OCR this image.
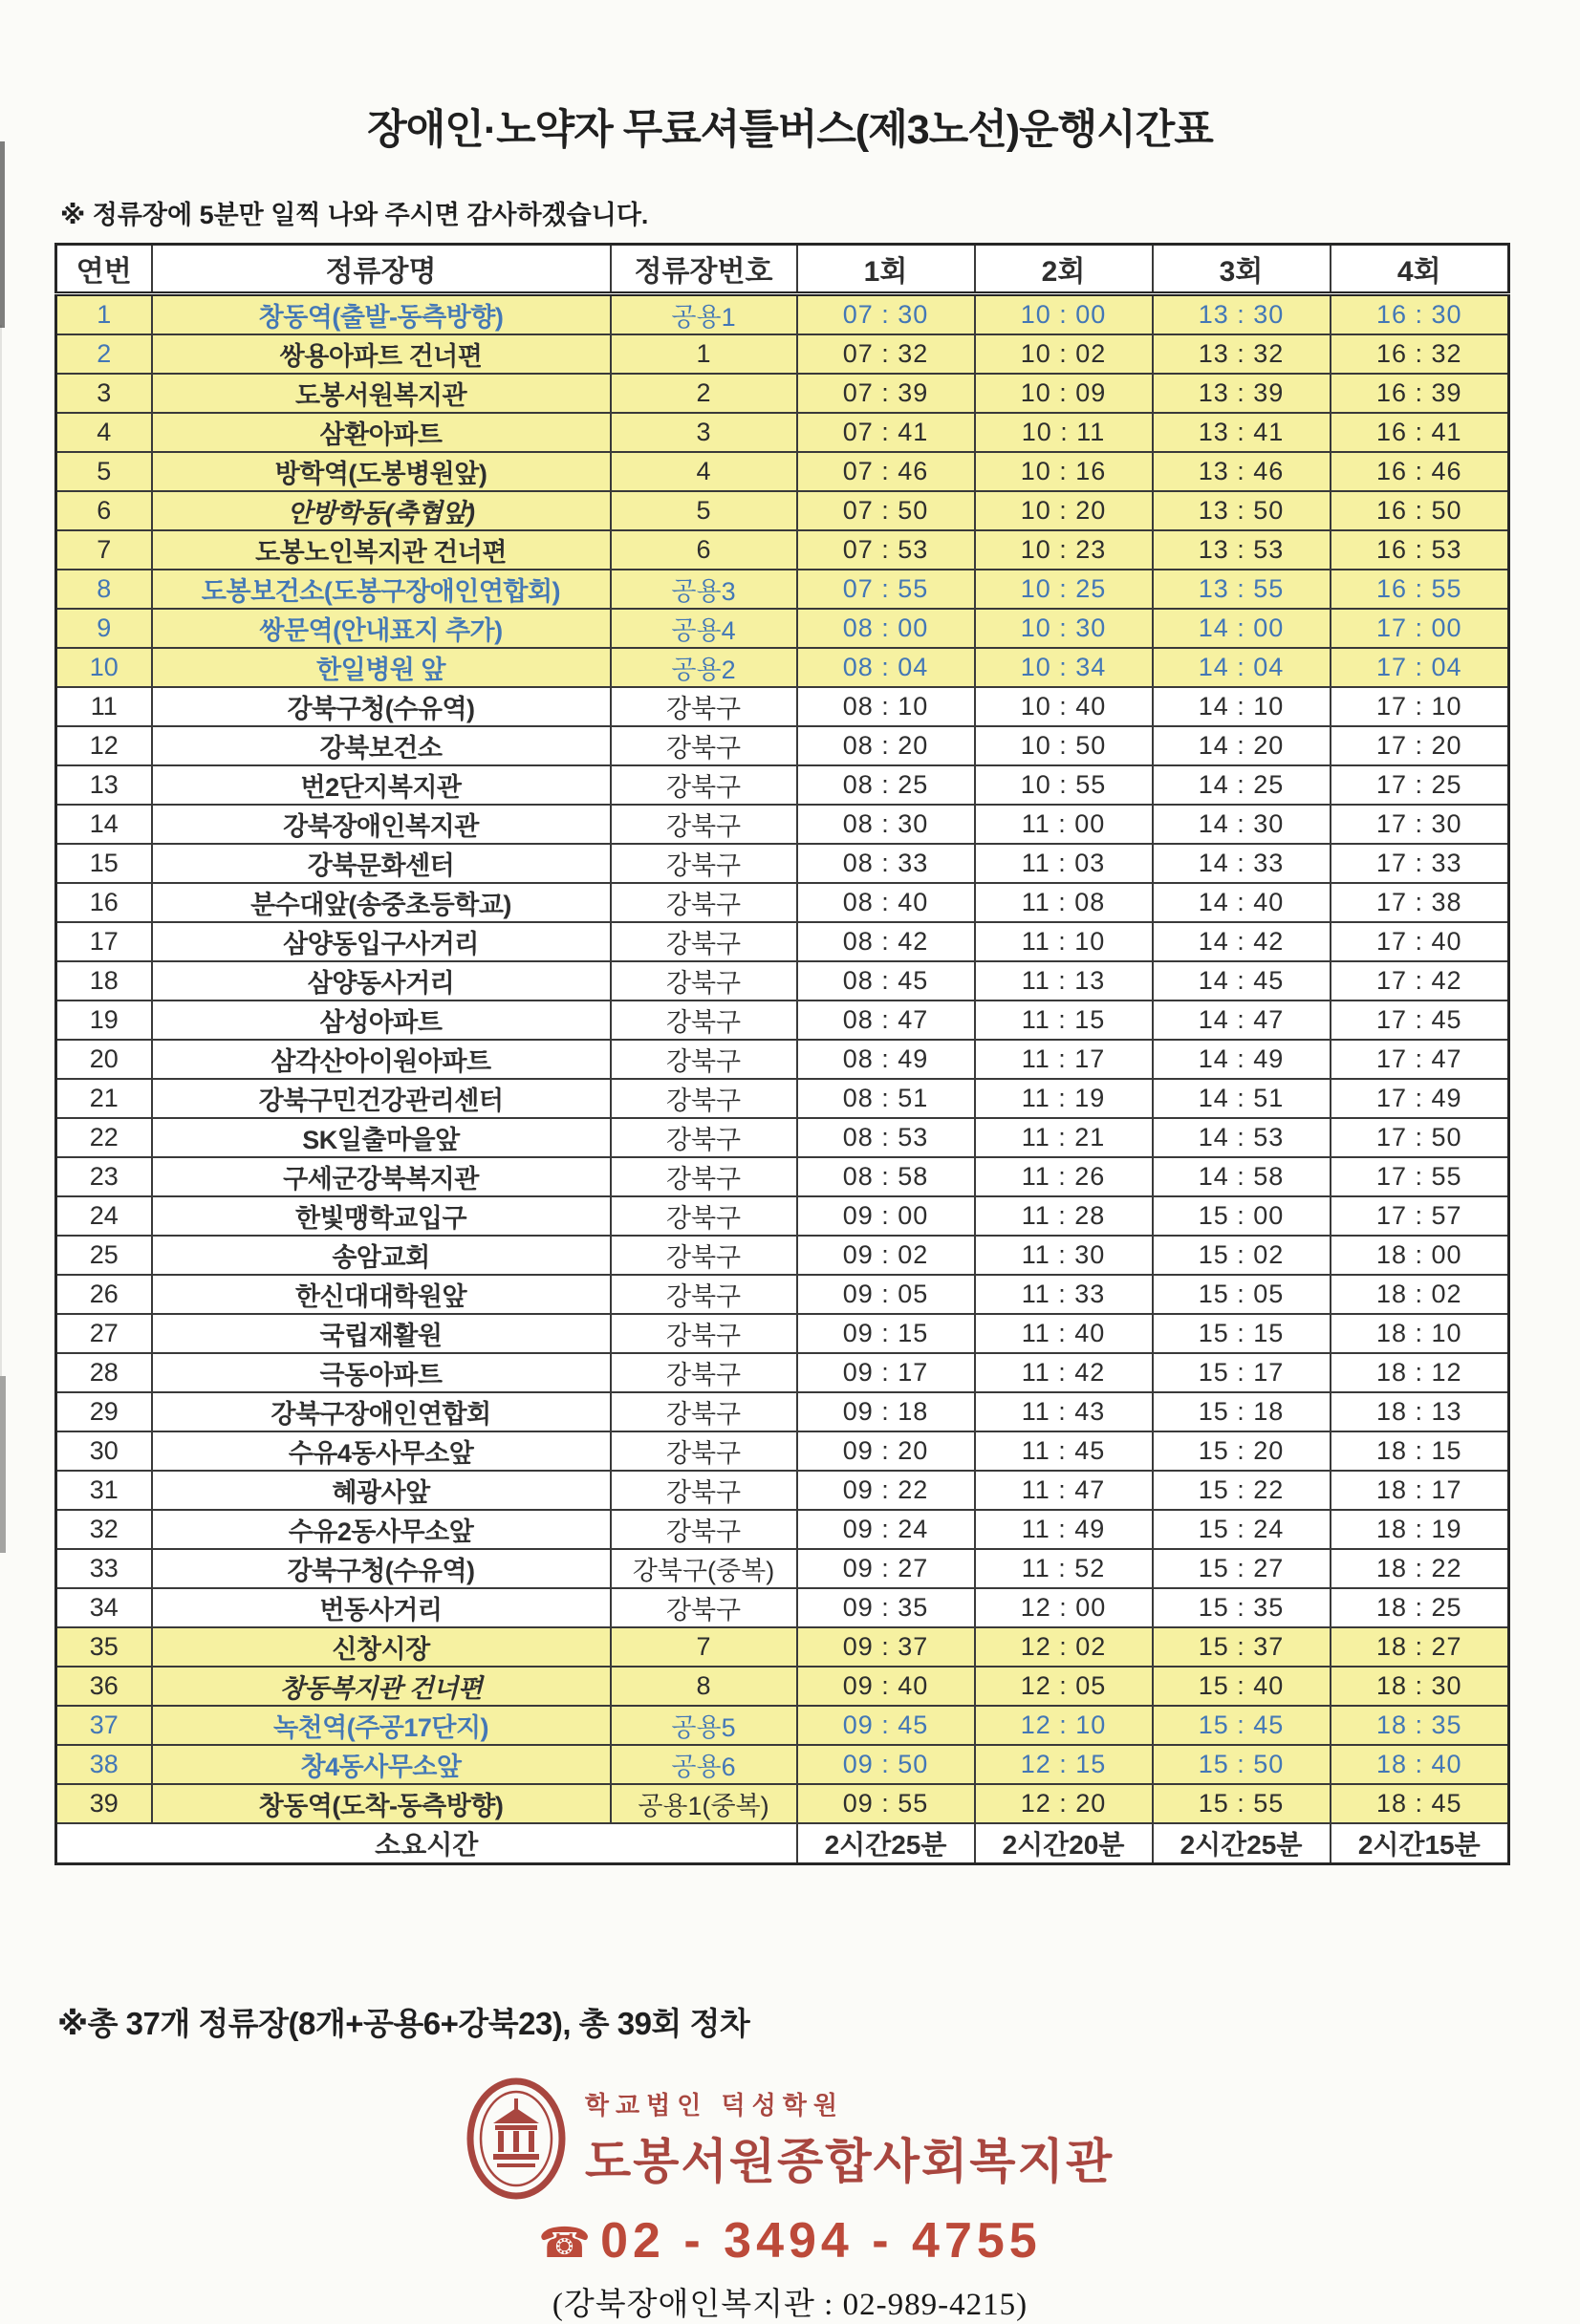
장애인·노약자 무료셔틀버스(제3노선)운행시간표

※ 정류장에 5분만 일찍 나와 주시면 감사하겠습니다.

연번	정류장명	정류장번호	1회	2회	3회	4회
1	창동역(출발-동측방향)	공용1	07 : 30	10 : 00	13 : 30	16 : 30
2	쌍용아파트 건너편	1	07 : 32	10 : 02	13 : 32	16 : 32
3	도봉서원복지관	2	07 : 39	10 : 09	13 : 39	16 : 39
4	삼환아파트	3	07 : 41	10 : 11	13 : 41	16 : 41
5	방학역(도봉병원앞)	4	07 : 46	10 : 16	13 : 46	16 : 46
6	안방학동(축협앞)	5	07 : 50	10 : 20	13 : 50	16 : 50
7	도봉노인복지관 건너편	6	07 : 53	10 : 23	13 : 53	16 : 53
8	도봉보건소(도봉구장애인연합회)	공용3	07 : 55	10 : 25	13 : 55	16 : 55
9	쌍문역(안내표지 추가)	공용4	08 : 00	10 : 30	14 : 00	17 : 00
10	한일병원 앞	공용2	08 : 04	10 : 34	14 : 04	17 : 04
11	강북구청(수유역)	강북구	08 : 10	10 : 40	14 : 10	17 : 10
12	강북보건소	강북구	08 : 20	10 : 50	14 : 20	17 : 20
13	번2단지복지관	강북구	08 : 25	10 : 55	14 : 25	17 : 25
14	강북장애인복지관	강북구	08 : 30	11 : 00	14 : 30	17 : 30
15	강북문화센터	강북구	08 : 33	11 : 03	14 : 33	17 : 33
16	분수대앞(송중초등학교)	강북구	08 : 40	11 : 08	14 : 40	17 : 38
17	삼양동입구사거리	강북구	08 : 42	11 : 10	14 : 42	17 : 40
18	삼양동사거리	강북구	08 : 45	11 : 13	14 : 45	17 : 42
19	삼성아파트	강북구	08 : 47	11 : 15	14 : 47	17 : 45
20	삼각산아이원아파트	강북구	08 : 49	11 : 17	14 : 49	17 : 47
21	강북구민건강관리센터	강북구	08 : 51	11 : 19	14 : 51	17 : 49
22	SK일출마을앞	강북구	08 : 53	11 : 21	14 : 53	17 : 50
23	구세군강북복지관	강북구	08 : 58	11 : 26	14 : 58	17 : 55
24	한빛맹학교입구	강북구	09 : 00	11 : 28	15 : 00	17 : 57
25	송암교회	강북구	09 : 02	11 : 30	15 : 02	18 : 00
26	한신대대학원앞	강북구	09 : 05	11 : 33	15 : 05	18 : 02
27	국립재활원	강북구	09 : 15	11 : 40	15 : 15	18 : 10
28	극동아파트	강북구	09 : 17	11 : 42	15 : 17	18 : 12
29	강북구장애인연합회	강북구	09 : 18	11 : 43	15 : 18	18 : 13
30	수유4동사무소앞	강북구	09 : 20	11 : 45	15 : 20	18 : 15
31	혜광사앞	강북구	09 : 22	11 : 47	15 : 22	18 : 17
32	수유2동사무소앞	강북구	09 : 24	11 : 49	15 : 24	18 : 19
33	강북구청(수유역)	강북구(중복)	09 : 27	11 : 52	15 : 27	18 : 22
34	번동사거리	강북구	09 : 35	12 : 00	15 : 35	18 : 25
35	신창시장	7	09 : 37	12 : 02	15 : 37	18 : 27
36	창동복지관 건너편	8	09 : 40	12 : 05	15 : 40	18 : 30
37	녹천역(주공17단지)	공용5	09 : 45	12 : 10	15 : 45	18 : 35
38	창4동사무소앞	공용6	09 : 50	12 : 15	15 : 50	18 : 40
39	창동역(도착-동측방향)	공용1(중복)	09 : 55	12 : 20	15 : 55	18 : 45
소요시간			2시간25분	2시간20분	2시간25분	2시간15분

※총 37개 정류장(8개+공용6+강북23), 총 39회 정차

학교법인 덕성학원
도봉서원종합사회복지관
☎ 02 - 3494 - 4755
(강북장애인복지관 : 02-989-4215)
